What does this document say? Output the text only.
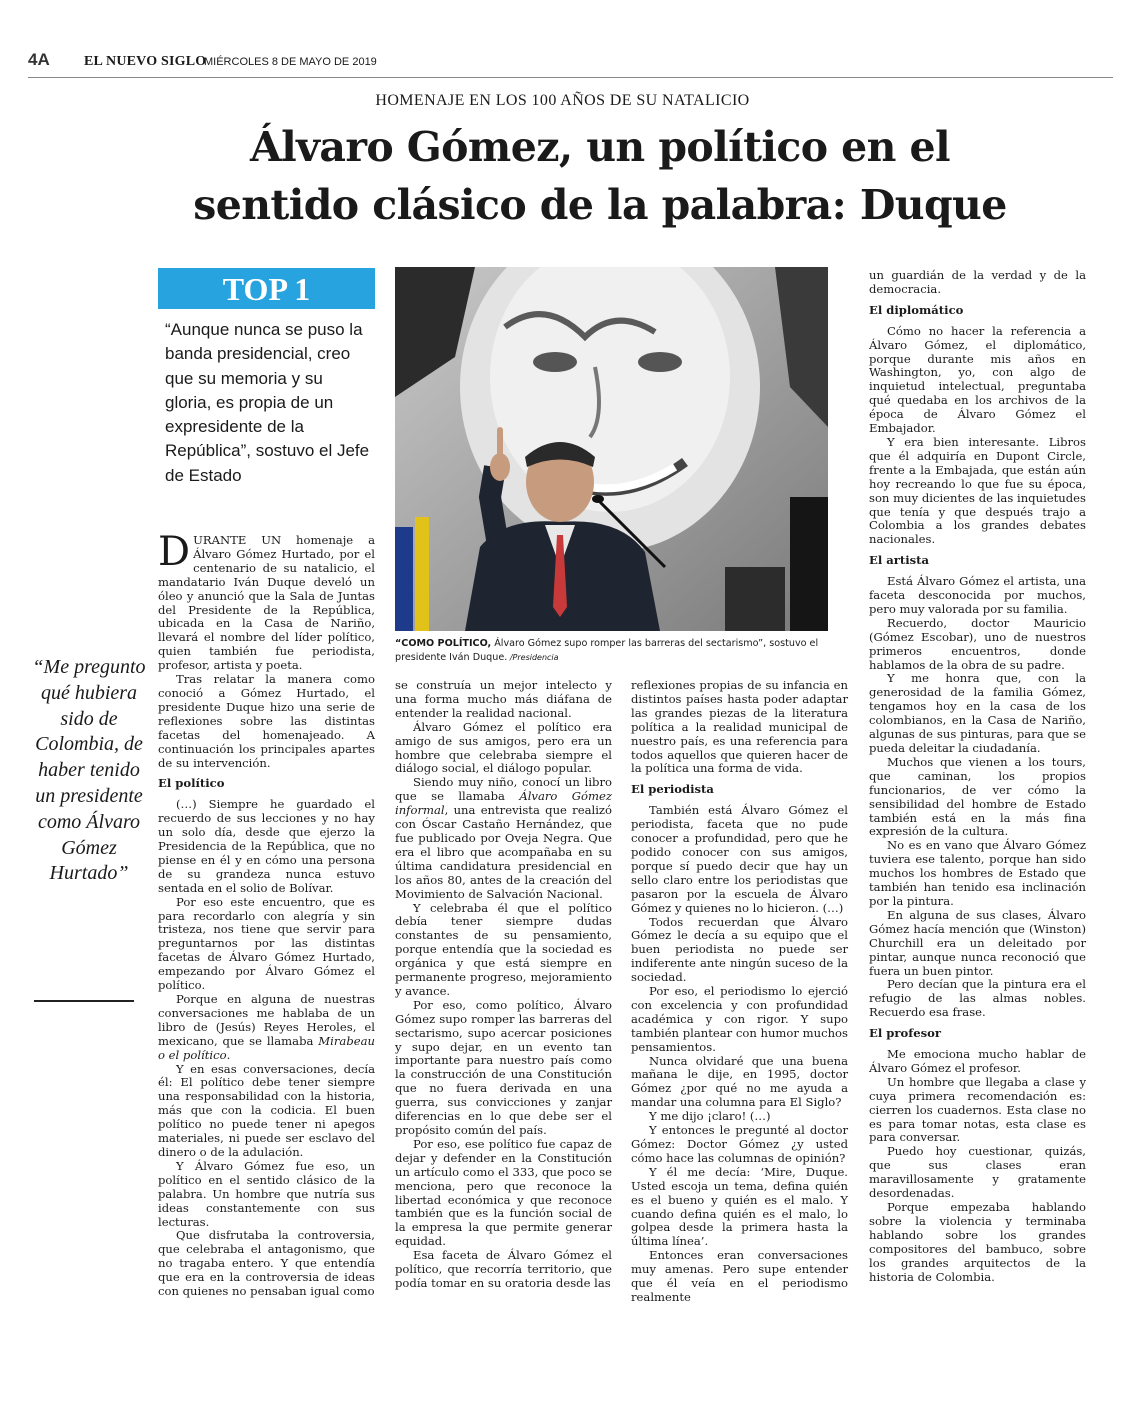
4A EL NUEVO SIGLO
MIÉRCOLES 8 DE MAYO DE 2019
HOMENAJE EN LOS 100 AÑOS DE SU NATALICIO
Álvaro Gómez, un político en el
sentido clásico de la palabra: Duque
TOP 1
“Aunque nunca se puso la banda presidencial, creo que su memoria y su gloria, es propia de un expresidente de la República”, sostuvo el Jefe de Estado
“Me pregunto qué hubiera sido de Colombia, de haber tenido un presidente como Álvaro Gómez Hurtado”
“COMO POLÍTICO, Álvaro Gómez supo romper las barreras del sectarismo”, sostuvo el presidente Iván Duque. /Presidencia

DURANTE UN homenaje a Álvaro Gómez Hurtado, por el centenario de su natalicio, el mandatario Iván Duque develó un óleo y anunció que la Sala de Juntas del Presidente de la República, ubicada en la Casa de Nariño, llevará el nombre del líder político, quien también fue periodista, profesor, artista y poeta.

Tras relatar la manera como conoció a Gómez Hurtado, el presidente Duque hizo una serie de reflexiones sobre las distintas facetas del homenajeado. A continuación los principales apartes de su intervención.

El político

(…) Siempre he guardado el recuerdo de sus lecciones y no hay un solo día, desde que ejerzo la Presidencia de la República, que no piense en él y en cómo una persona de su grandeza nunca estuvo sentada en el solio de Bolívar.

Por eso este encuentro, que es para recordarlo con alegría y sin tristeza, nos tiene que servir para preguntarnos por las distintas facetas de Álvaro Gómez Hurtado, empezando por Álvaro Gómez el político.

Porque en alguna de nuestras conversaciones me hablaba de un libro de (Jesús) Reyes Heroles, el mexicano, que se llamaba Mirabeau o el político.

Y en esas conversaciones, decía él: El político debe tener siempre una responsabilidad con la historia, más que con la codicia. El buen político no puede tener ni apegos materiales, ni puede ser esclavo del dinero o de la adulación.

Y Álvaro Gómez fue eso, un político en el sentido clásico de la palabra. Un hombre que nutría sus ideas constantemente con sus lecturas.

Que disfrutaba la controversia, que celebraba el antagonismo, que no tragaba entero. Y que entendía que era en la controversia de ideas con quienes no pensaban igual como

se construía un mejor intelecto y una forma mucho más diáfana de entender la realidad nacional.

Álvaro Gómez el político era amigo de sus amigos, pero era un hombre que celebraba siempre el diálogo social, el diálogo popular.

Siendo muy niño, conocí un libro que se llamaba Álvaro Gómez informal, una entrevista que realizó con Óscar Castaño Hernández, que fue publicado por Oveja Negra. Que era el libro que acompañaba en su última candidatura presidencial en los años 80, antes de la creación del Movimiento de Salvación Nacional.

Y celebraba él que el político debía tener siempre dudas constantes de su pensamiento, porque entendía que la sociedad es orgánica y que está siempre en permanente progreso, mejoramiento y avance.

Por eso, como político, Álvaro Gómez supo romper las barreras del sectarismo, supo acercar posiciones y supo dejar, en un evento tan importante para nuestro país como la construcción de una Constitución que no fuera derivada en una guerra, sus convicciones y zanjar diferencias en lo que debe ser el propósito común del país.

Por eso, ese político fue capaz de dejar y defender en la Constitución un artículo como el 333, que poco se menciona, pero que reconoce la libertad económica y que reconoce también que es la función social de la empresa la que permite generar equidad.

Esa faceta de Álvaro Gómez el político, que recorría territorio, que podía tomar en su oratoria desde las

reflexiones propias de su infancia en distintos países hasta poder adaptar las grandes piezas de la literatura política a la realidad municipal de nuestro país, es una referencia para todos aquellos que quieren hacer de la política una forma de vida.

El periodista

También está Álvaro Gómez el periodista, faceta que no pude conocer a profundidad, pero que he podido conocer con sus amigos, porque sí puedo decir que hay un sello claro entre los periodistas que pasaron por la escuela de Álvaro Gómez y quienes no lo hicieron. (…)

Todos recuerdan que Álvaro Gómez le decía a su equipo que el buen periodista no puede ser indiferente ante ningún suceso de la sociedad.

Por eso, el periodismo lo ejerció con excelencia y con profundidad académica y con rigor. Y supo también plantear con humor muchos pensamientos.

Nunca olvidaré que una buena mañana le dije, en 1995, doctor Gómez ¿por qué no me ayuda a mandar una columna para El Siglo?

Y me dijo ¡claro! (…)

Y entonces le pregunté al doctor Gómez: Doctor Gómez ¿y usted cómo hace las columnas de opinión?

Y él me decía: ‘Mire, Duque. Usted escoja un tema, defina quién es el bueno y quién es el malo. Y cuando defina quién es el malo, lo golpea desde la primera hasta la última línea’.

Entonces eran conversaciones muy amenas. Pero supe entender que él veía en el periodismo realmente

un guardián de la verdad y de la democracia.

El diplomático

Cómo no hacer la referencia a Álvaro Gómez, el diplomático, porque durante mis años en Washington, yo, con algo de inquietud intelectual, preguntaba qué quedaba en los archivos de la época de Álvaro Gómez el Embajador.

Y era bien interesante. Libros que él adquiría en Dupont Circle, frente a la Embajada, que están aún hoy recreando lo que fue su época, son muy dicientes de las inquietudes que tenía y que después trajo a Colombia a los grandes debates nacionales.

El artista

Está Álvaro Gómez el artista, una faceta desconocida por muchos, pero muy valorada por su familia.

Recuerdo, doctor Mauricio (Gómez Escobar), uno de nuestros primeros encuentros, donde hablamos de la obra de su padre.

Y me honra que, con la generosidad de la familia Gómez, tengamos hoy en la casa de los colombianos, en la Casa de Nariño, algunas de sus pinturas, para que se pueda deleitar la ciudadanía.

Muchos que vienen a los tours, que caminan, los propios funcionarios, de ver cómo la sensibilidad del hombre de Estado también está en la más fina expresión de la cultura.

No es en vano que Álvaro Gómez tuviera ese talento, porque han sido muchos los hombres de Estado que también han tenido esa inclinación por la pintura.

En alguna de sus clases, Álvaro Gómez hacía mención que (Winston) Churchill era un deleitado por pintar, aunque nunca reconoció que fuera un buen pintor.

Pero decían que la pintura era el refugio de las almas nobles. Recuerdo esa frase.

El profesor

Me emociona mucho hablar de Álvaro Gómez el profesor.

Un hombre que llegaba a clase y cuya primera recomendación es: cierren los cuadernos. Esta clase no es para tomar notas, esta clase es para conversar.

Puedo hoy cuestionar, quizás, que sus clases eran maravillosamente y gratamente desordenadas.

Porque empezaba hablando sobre la violencia y terminaba hablando sobre los grandes compositores del bambuco, sobre los grandes arquitectos de la historia de Colombia.
